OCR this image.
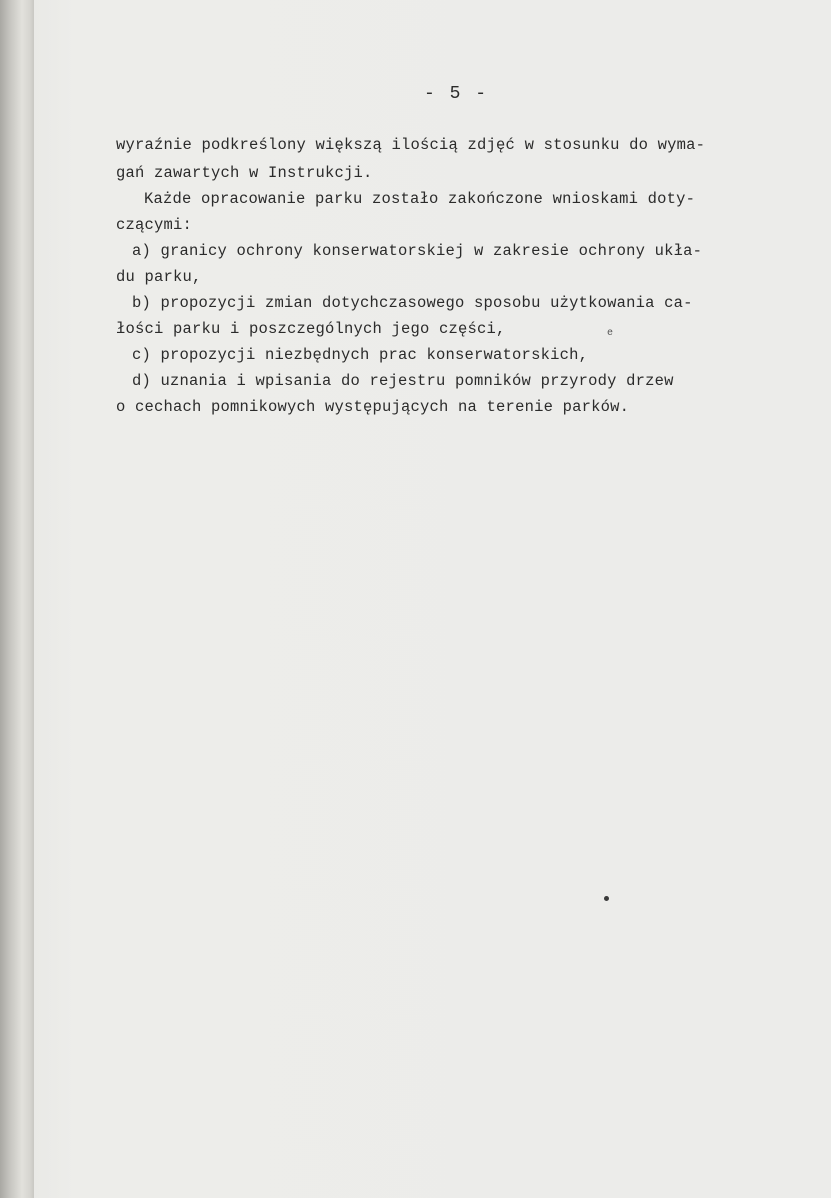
- 5 -
wyraźnie podkreślony większą ilością zdjęć w stosunku do wyma-
gań zawartych w Instrukcji.
Każde opracowanie parku zostało zakończone wnioskami doty-
czącymi:
a) granicy ochrony konserwatorskiej w zakresie ochrony ukła-
du parku,
b) propozycji zmian dotychczasowego sposobu użytkowania ca-
łości parku i poszczególnych jego części,
c) propozycji niezbędnych prac konserwatorskich,
d) uznania i wpisania do rejestru pomników przyrody drzew
o cechach pomnikowych występujących na terenie parków.
e
